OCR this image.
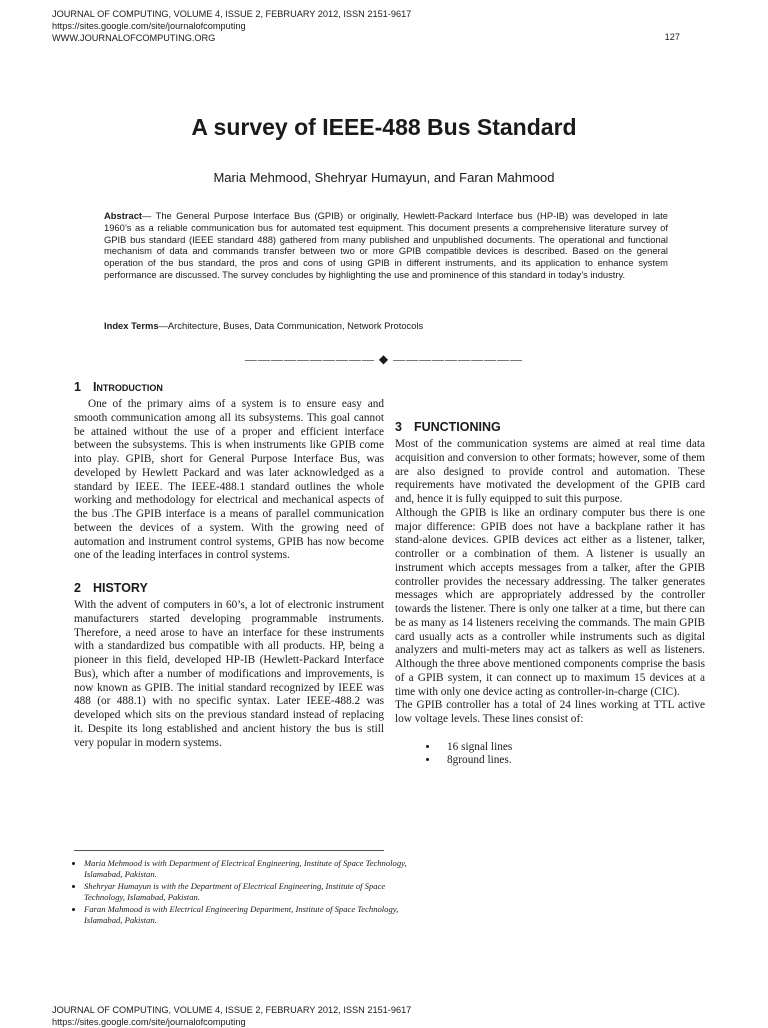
JOURNAL OF COMPUTING, VOLUME 4, ISSUE 2, FEBRUARY 2012, ISSN 2151-9617
https://sites.google.com/site/journalofcomputing
WWW.JOURNALOFCOMPUTING.ORG	127
A survey of IEEE-488 Bus Standard
Maria Mehmood, Shehryar Humayun, and Faran Mahmood
Abstract— The General Purpose Interface Bus (GPIB) or originally, Hewlett-Packard Interface bus (HP-IB) was developed in late 1960’s as a reliable communication bus for automated test equipment. This document presents a comprehensive literature survey of GPIB bus standard (IEEE standard 488) gathered from many published and unpublished documents. The operational and functional mechanism of data and commands transfer between two or more GPIB compatible devices is described. Based on the general operation of the bus standard, the pros and cons of using GPIB in different instruments, and its application to enhance system performance are discussed. The survey concludes by highlighting the use and prominence of this standard in today’s industry.
Index Terms—Architecture, Buses, Data Communication, Network Protocols
—————————— ◆ ——————————
1 Introduction

One of the primary aims of a system is to ensure easy and smooth communication among all its subsystems. This goal cannot be attained without the use of a proper and efficient interface between the subsystems. This is when instruments like GPIB come into play. GPIB, short for General Purpose Interface Bus, was developed by Hewlett Packard and was later acknowledged as a standard by IEEE. The IEEE-488.1 standard outlines the whole working and methodology for electrical and mechanical aspects of the bus .The GPIB interface is a means of parallel communication between the devices of a system. With the growing need of automation and instrument control systems, GPIB has now become one of the leading interfaces in control systems.

2 HISTORY

With the advent of computers in 60’s, a lot of electronic instrument manufacturers started developing programmable instruments. Therefore, a need arose to have an interface for these instruments with a standardized bus compatible with all products. HP, being a pioneer in this field, developed HP-IB (Hewlett-Packard Interface Bus), which after a number of modifications and improvements, is now known as GPIB. The initial standard recognized by IEEE was 488 (or 488.1) with no specific syntax. Later IEEE-488.2 was developed which sits on the previous standard instead of replacing it. Despite its long established and ancient history the bus is still very popular in modern systems.

3 FUNCTIONING

Most of the communication systems are aimed at real time data acquisition and conversion to other formats; however, some of them are also designed to provide control and automation. These requirements have motivated the development of the GPIB card and, hence it is fully equipped to suit this purpose.

Although the GPIB is like an ordinary computer bus there is one major difference: GPIB does not have a backplane rather it has stand-alone devices. GPIB devices act either as a listener, talker, controller or a combination of them. A listener is usually an instrument which accepts messages from a talker, after the GPIB controller provides the necessary addressing. The talker generates messages which are appropriately addressed by the controller towards the listener. There is only one talker at a time, but there can be as many as 14 listeners receiving the commands. The main GPIB card usually acts as a controller while instruments such as digital analyzers and multi-meters may act as talkers as well as listeners. Although the three above mentioned components comprise the basis of a GPIB system, it can connect up to maximum 15 devices at a time with only one device acting as controller-in-charge (CIC).

The GPIB controller has a total of 24 lines working at TTL active low voltage levels. These lines consist of:

• 16 signal lines
• 8ground lines.
• Maria Mehmood is with Department of Electrical Engineering, Institute of Space Technology, Islamabad, Pakistan.
• Shehryar Humayun is with the Department of Electrical Engineering, Institute of Space Technology, Islamabad, Pakistan.
• Faran Mahmood is with Electrical Engineering Department, Institute of Space Technology, Islamabad, Pakistan.
JOURNAL OF COMPUTING, VOLUME 4, ISSUE 2, FEBRUARY 2012, ISSN 2151-9617
https://sites.google.com/site/journalofcomputing
